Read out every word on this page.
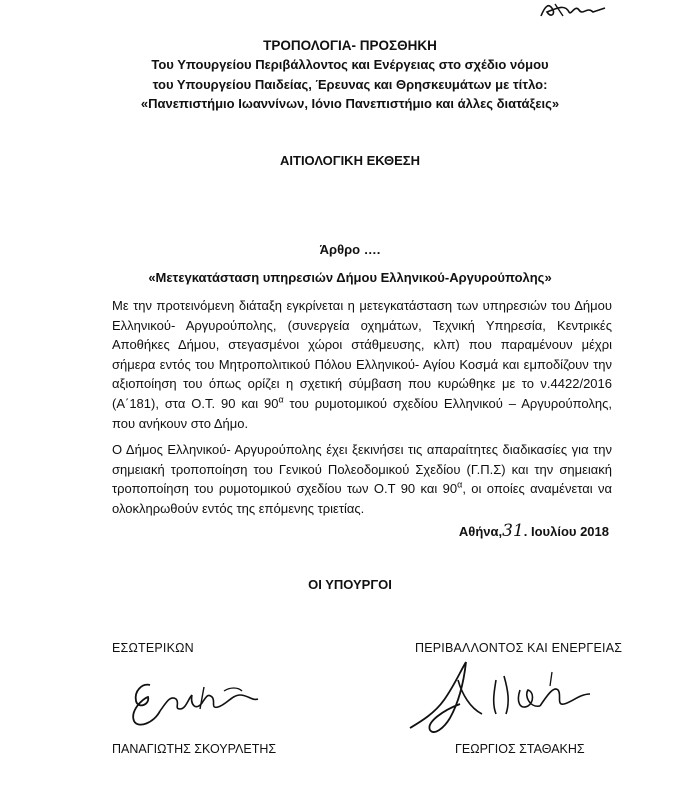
ΤΡΟΠΟΛΟΓΙΑ- ΠΡΟΣΘΗΚΗ
Του Υπουργείου Περιβάλλοντος και Ενέργειας στο σχέδιο νόμου
του Υπουργείου Παιδείας, Έρευνας και Θρησκευμάτων με τίτλο:
«Πανεπιστήμιο Ιωαννίνων, Ιόνιο Πανεπιστήμιο και άλλες διατάξεις»
ΑΙΤΙΟΛΟΓΙΚΗ ΕΚΘΕΣΗ
Άρθρο ….
«Μετεγκατάσταση υπηρεσιών Δήμου Ελληνικού-Αργυρούπολης»

Με την προτεινόμενη διάταξη εγκρίνεται η μετεγκατάσταση των υπηρεσιών του Δήμου Ελληνικού- Αργυρούπολης, (συνεργεία οχημάτων, Τεχνική Υπηρεσία, Κεντρικές Αποθήκες Δήμου, στεγασμένοι χώροι στάθμευσης, κλπ) που παραμένουν μέχρι σήμερα εντός του Μητροπολιτικού Πόλου Ελληνικού- Αγίου Κοσμά και εμποδίζουν την αξιοποίηση του όπως ορίζει η σχετική σύμβαση που κυρώθηκε με το ν.4422/2016 (Α΄181), στα Ο.Τ. 90 και $90^\alpha$ του ρυμοτομικού σχεδίου Ελληνικού – Αργυρούπολης, που ανήκουν στο Δήμο.

Ο Δήμος Ελληνικού- Αργυρούπολης έχει ξεκινήσει τις απαραίτητες διαδικασίες για την σημειακή τροποποίηση του Γενικού Πολεοδομικού Σχεδίου (Γ.Π.Σ) και την σημειακή τροποποίηση του ρυμοτομικού σχεδίου των Ο.Τ 90 και $90^\alpha$, οι οποίες αναμένεται να ολοκληρωθούν εντός της επόμενης τριετίας.

Αθήνα,31. Ιουλίου 2018
ΟΙ ΥΠΟΥΡΓΟΙ
ΕΣΩΤΕΡΙΚΩΝ	ΠΕΡΙΒΑΛΛΟΝΤΟΣ ΚΑΙ ΕΝΕΡΓΕΙΑΣ
ΠΑΝΑΓΙΩΤΗΣ ΣΚΟΥΡΛΕΤΗΣ	ΓΕΩΡΓΙΟΣ ΣΤΑΘΑΚΗΣ
